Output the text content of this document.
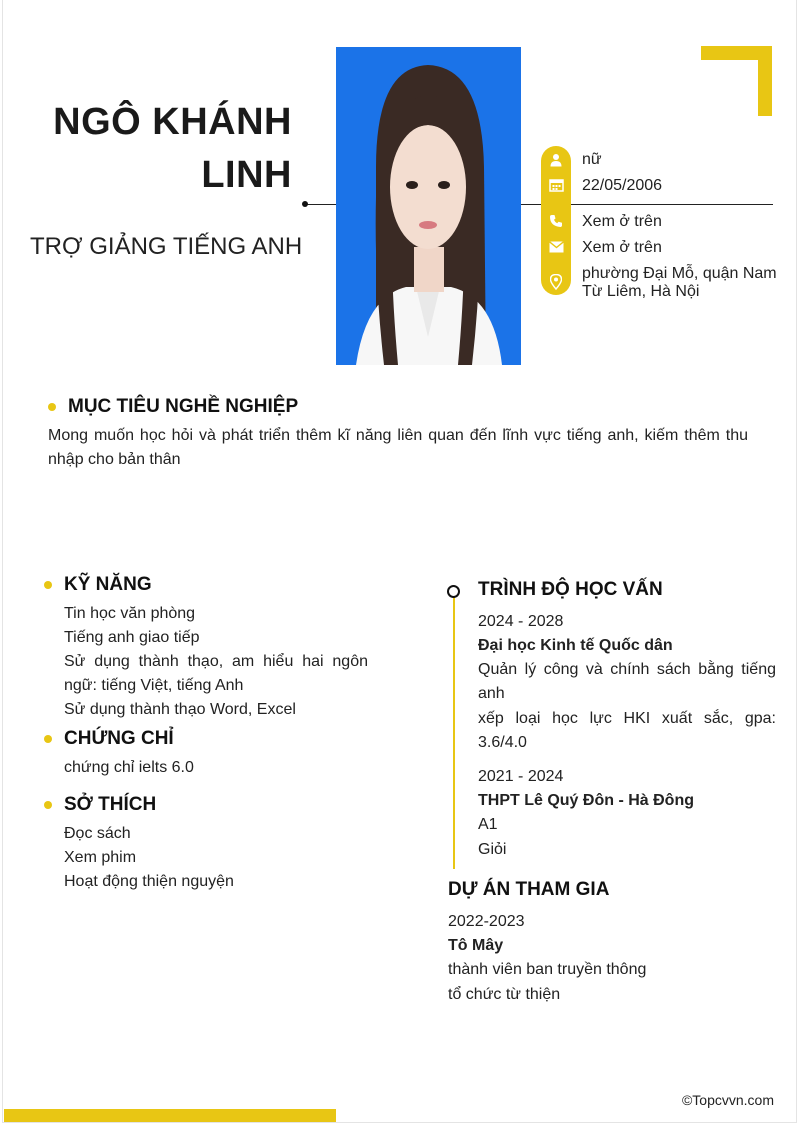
NGÔ KHÁNH
LINH
TRỢ GIẢNG TIẾNG ANH
nữ
22/05/2006
Xem ở trên
Xem ở trên
phường Đại Mỗ, quận Nam Từ Liêm, Hà Nội
MỤC TIÊU NGHỀ NGHIỆP
Mong muốn học hỏi và phát triển thêm kĩ năng liên quan đến lĩnh vực tiếng anh, kiếm thêm thu nhập cho bản thân
KỸ NĂNG
Tin học văn phòng
Tiếng anh giao tiếp
Sử dụng thành thạo, am hiểu hai ngôn ngữ: tiếng Việt, tiếng Anh
Sử dụng thành thạo Word, Excel
CHỨNG CHỈ
chứng chỉ ielts 6.0
SỞ THÍCH
Đọc sách
Xem phim
Hoạt động thiện nguyện
TRÌNH ĐỘ HỌC VẤN
2024 - 2028
Đại học Kinh tế Quốc dân
Quản lý công và chính sách bằng tiếng anh
xếp loại học lực HKI xuất sắc, gpa: 3.6/4.0
2021 - 2024
THPT Lê Quý Đôn - Hà Đông
A1
Giỏi
DỰ ÁN THAM GIA
2022-2023
Tô Mây
thành viên ban truyền thông
tổ chức từ thiện
©Topcvvn.com
